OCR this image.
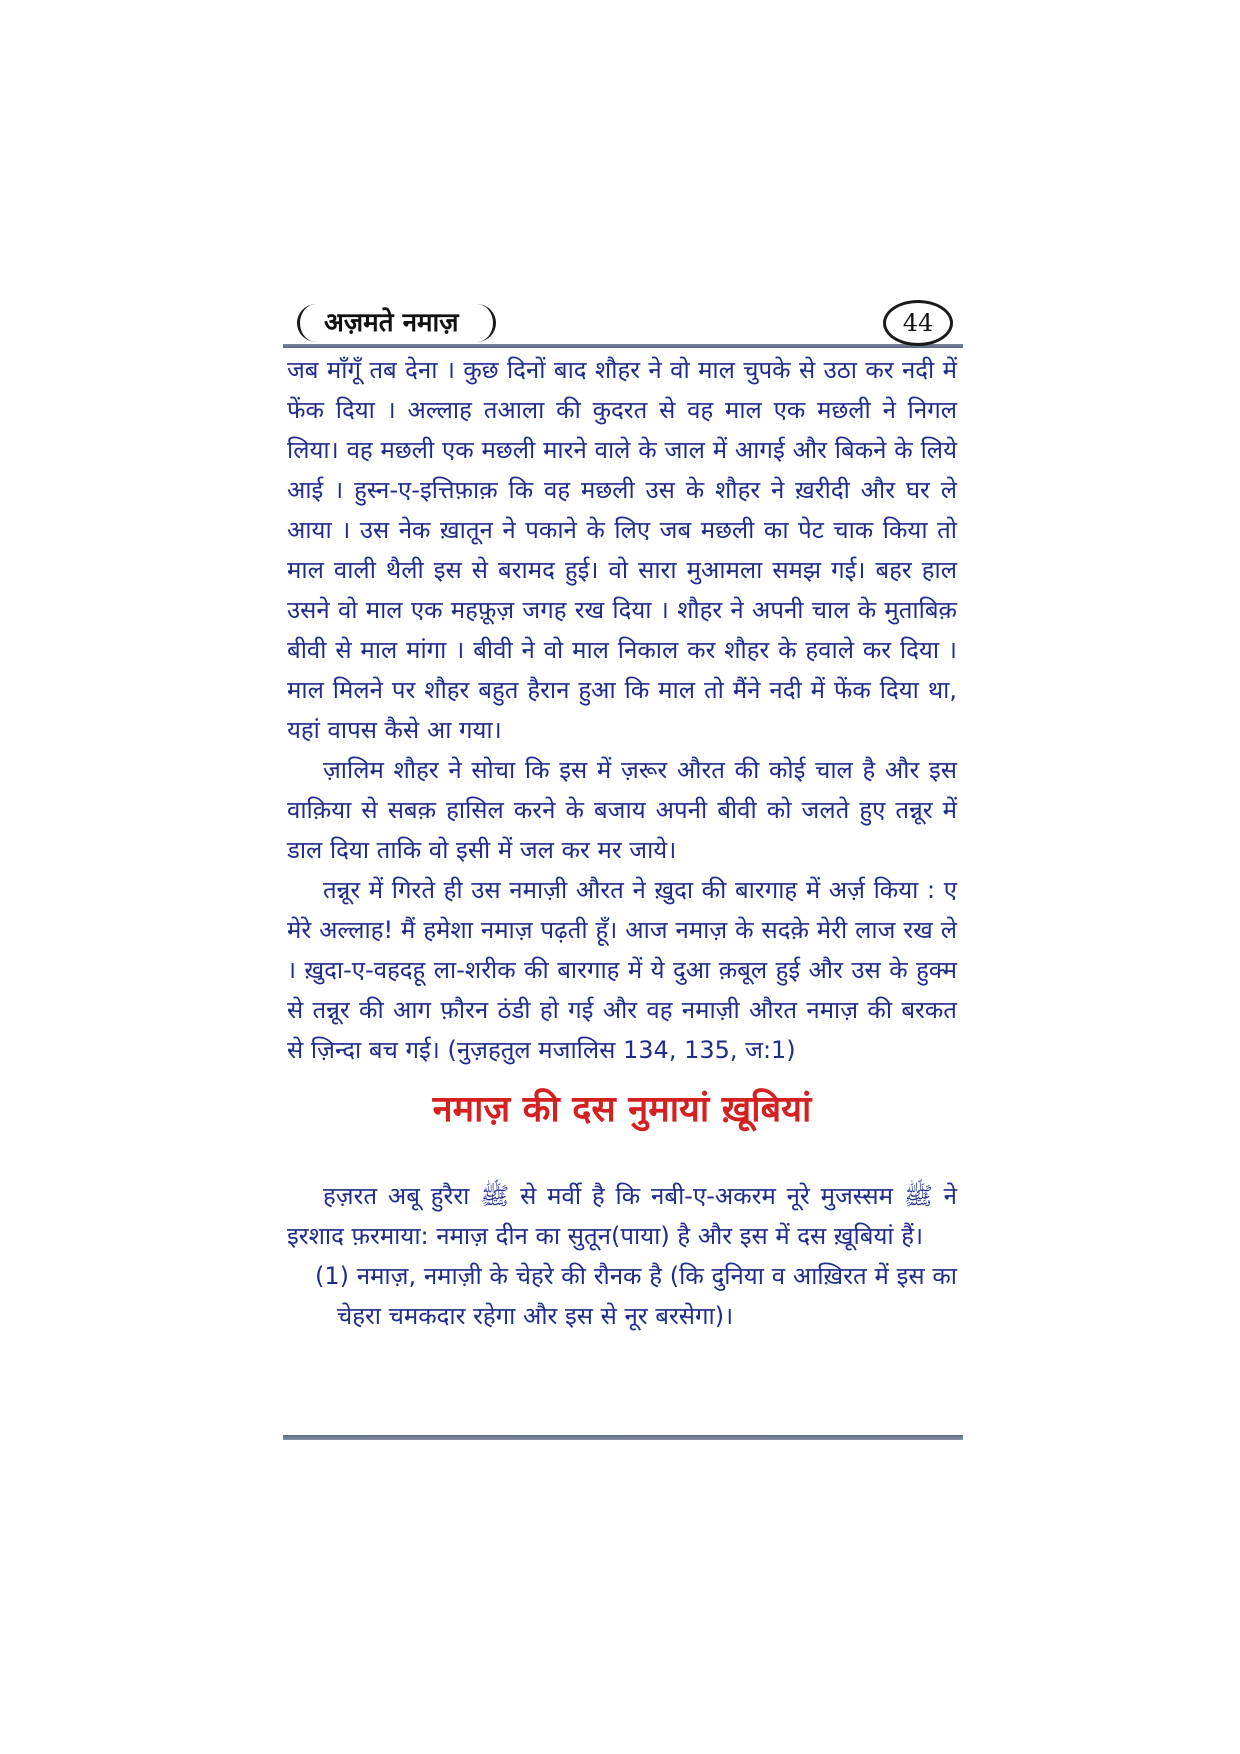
अज़मते नमाज़	44

जब माँगूँ तब देना । कुछ दिनों बाद शौहर ने वो माल चुपके से उठा कर नदी में फेंक दिया । अल्लाह तआला की कुदरत से वह माल एक मछली ने निगल लिया। वह मछली एक मछली मारने वाले के जाल में आगई और बिकने के लिये आई । हुस्न-ए-इत्तिफ़ाक़ कि वह मछली उस के शौहर ने ख़रीदी और घर ले आया । उस नेक ख़ातून ने पकाने के लिए जब मछली का पेट चाक किया तो माल वाली थैली इस से बरामद हुई। वो सारा मुआमला समझ गई। बहर हाल उसने वो माल एक महफ़ूज़ जगह रख दिया । शौहर ने अपनी चाल के मुताबिक़ बीवी से माल मांगा । बीवी ने वो माल निकाल कर शौहर के हवाले कर दिया । माल मिलने पर शौहर बहुत हैरान हुआ कि माल तो मैंने नदी में फेंक दिया था, यहां वापस कैसे आ गया।

ज़ालिम शौहर ने सोचा कि इस में ज़रूर औरत की कोई चाल है और इस वाक़िया से सबक़ हासिल करने के बजाय अपनी बीवी को जलते हुए तन्नूर में डाल दिया ताकि वो इसी में जल कर मर जाये।

तन्नूर में गिरते ही उस नमाज़ी औरत ने ख़ुदा की बारगाह में अर्ज़ किया : ए मेरे अल्लाह! मैं हमेशा नमाज़ पढ़ती हूँ। आज नमाज़ के सदक़े मेरी लाज रख ले । ख़ुदा-ए-वहदहू ला-शरीक की बारगाह में ये दुआ क़बूल हुई और उस के हुक्म से तन्नूर की आग फ़ौरन ठंडी हो गई और वह नमाज़ी औरत नमाज़ की बरकत से ज़िन्दा बच गई। (नुज़हतुल मजालिस 134, 135, ज:1)

नमाज़ की दस नुमायां ख़ूबियां

हज़रत अबू हुरैरा ﷺ से मर्वी है कि नबी-ए-अकरम नूरे मुजस्सम ﷺ ने इरशाद फ़रमाया: नमाज़ दीन का सुतून(पाया) है और इस में दस ख़ूबियां हैं।

(1) नमाज़, नमाज़ी के चेहरे की रौनक है (कि दुनिया व आख़िरत में इस का चेहरा चमकदार रहेगा और इस से नूर बरसेगा)।
